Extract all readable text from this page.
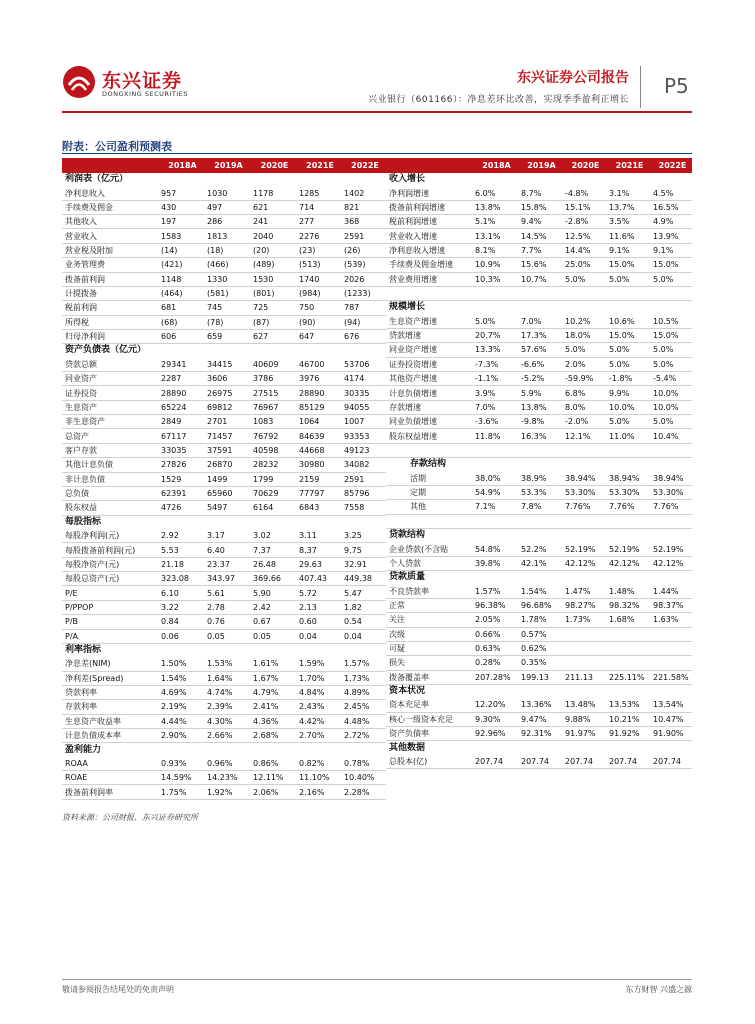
东兴证券
DONGXING SECURITIES
东兴证券公司报告
兴业银行（601166）：净息差环比改善，实现季季盈利正增长
P5
附表：公司盈利预测表
	2018A	2019A	2020E	2021E	2022E
利润表（亿元）					
净利息收入	957	1030	1178	1285	1402
手续费及佣金	430	497	621	714	821
其他收入	197	286	241	277	368
营业收入	1583	1813	2040	2276	2591
营业税及附加	(14)	(18)	(20)	(23)	(26)
业务管理费	(421)	(466)	(489)	(513)	(539)
拨备前利润	1148	1330	1530	1740	2026
计提拨备	(464)	(581)	(801)	(984)	(1233)
税前利润	681	745	725	750	787
所得税	(68)	(78)	(87)	(90)	(94)
归母净利润	606	659	627	647	676
资产负债表（亿元）					
贷款总额	29341	34415	40609	46700	53706
同业资产	2287	3606	3786	3976	4174
证券投资	28890	26975	27515	28890	30335
生息资产	65224	69812	76967	85129	94055
非生息资产	2849	2701	1083	1064	1007
总资产	67117	71457	76792	84639	93353
客户存款	33035	37591	40598	44668	49123
其他计息负债	27826	26870	28232	30980	34082
非计息负债	1529	1499	1799	2159	2591
总负债	62391	65960	70629	77797	85796
股东权益	4726	5497	6164	6843	7558
每股指标					
每股净利润(元)	2.92	3.17	3.02	3.11	3.25
每股拨备前利润(元)	5.53	6.40	7.37	8.37	9.75
每股净资产(元)	21.18	23.37	26.48	29.63	32.91
每股总资产(元)	323.08	343.97	369.66	407.43	449.38
P/E	6.10	5.61	5.90	5.72	5.47
P/PPOP	3.22	2.78	2.42	2.13	1.82
P/B	0.84	0.76	0.67	0.60	0.54
P/A	0.06	0.05	0.05	0.04	0.04
利率指标					
净息差(NIM)	1.50%	1.53%	1.61%	1.59%	1.57%
净利差(Spread)	1.54%	1.64%	1.67%	1.70%	1.73%
贷款利率	4.69%	4.74%	4.79%	4.84%	4.89%
存款利率	2.19%	2.39%	2.41%	2.43%	2.45%
生息资产收益率	4.44%	4.30%	4.36%	4.42%	4.48%
计息负债成本率	2.90%	2.66%	2.68%	2.70%	2.72%
盈利能力					
ROAA	0.93%	0.96%	0.86%	0.82%	0.78%
ROAE	14.59%	14.23%	12.11%	11.10%	10.40%
拨备前利润率	1.75%	1.92%	2.06%	2.16%	2.28%
	2018A	2019A	2020E	2021E	2022E
收入增长					
净利润增速	6.0%	8.7%	-4.8%	3.1%	4.5%
拨备前利润增速	13.8%	15.8%	15.1%	13.7%	16.5%
税前利润增速	5.1%	9.4%	-2.8%	3.5%	4.9%
营业收入增速	13.1%	14.5%	12.5%	11.6%	13.9%
净利息收入增速	8.1%	7.7%	14.4%	9.1%	9.1%
手续费及佣金增速	10.9%	15.6%	25.0%	15.0%	15.0%
营业费用增速	10.3%	10.7%	5.0%	5.0%	5.0%

规模增长					
生息资产增速	5.0%	7.0%	10.2%	10.6%	10.5%
贷款增速	20.7%	17.3%	18.0%	15.0%	15.0%
同业资产增速	13.3%	57.6%	5.0%	5.0%	5.0%
证券投资增速	-7.3%	-6.6%	2.0%	5.0%	5.0%
其他资产增速	-1.1%	-5.2%	-59.9%	-1.8%	-5.4%
计息负债增速	3.9%	5.9%	6.8%	9.9%	10.0%
存款增速	7.0%	13.8%	8.0%	10.0%	10.0%
同业负债增速	-3.6%	-9.8%	-2.0%	5.0%	5.0%
股东权益增速	11.8%	16.3%	12.1%	11.0%	10.4%

存款结构					
活期	38.0%	38.9%	38.94%	38.94%	38.94%
定期	54.9%	53.3%	53.30%	53.30%	53.30%
其他	7.1%	7.8%	7.76%	7.76%	7.76%

贷款结构					
企业贷款(不含贴	54.8%	52.2%	52.19%	52.19%	52.19%
个人贷款	39.8%	42.1%	42.12%	42.12%	42.12%
贷款质量					
不良贷款率	1.57%	1.54%	1.47%	1.48%	1.44%
正常	96.38%	96.68%	98.27%	98.32%	98.37%
关注	2.05%	1.78%	1.73%	1.68%	1.63%
次级	0.66%	0.57%			
可疑	0.63%	0.62%			
损失	0.28%	0.35%			
拨备覆盖率	207.28%	199.13	211.13	225.11%	221.58%
资本状况					
资本充足率	12.20%	13.36%	13.48%	13.53%	13.54%
核心一级资本充足	9.30%	9.47%	9.88%	10.21%	10.47%
资产负债率	92.96%	92.31%	91.97%	91.92%	91.90%
其他数据					
总股本(亿)	207.74	207.74	207.74	207.74	207.74
资料来源：公司财报、东兴证券研究所
敬请参阅报告结尾处的免责声明	东方财智 兴盛之源
